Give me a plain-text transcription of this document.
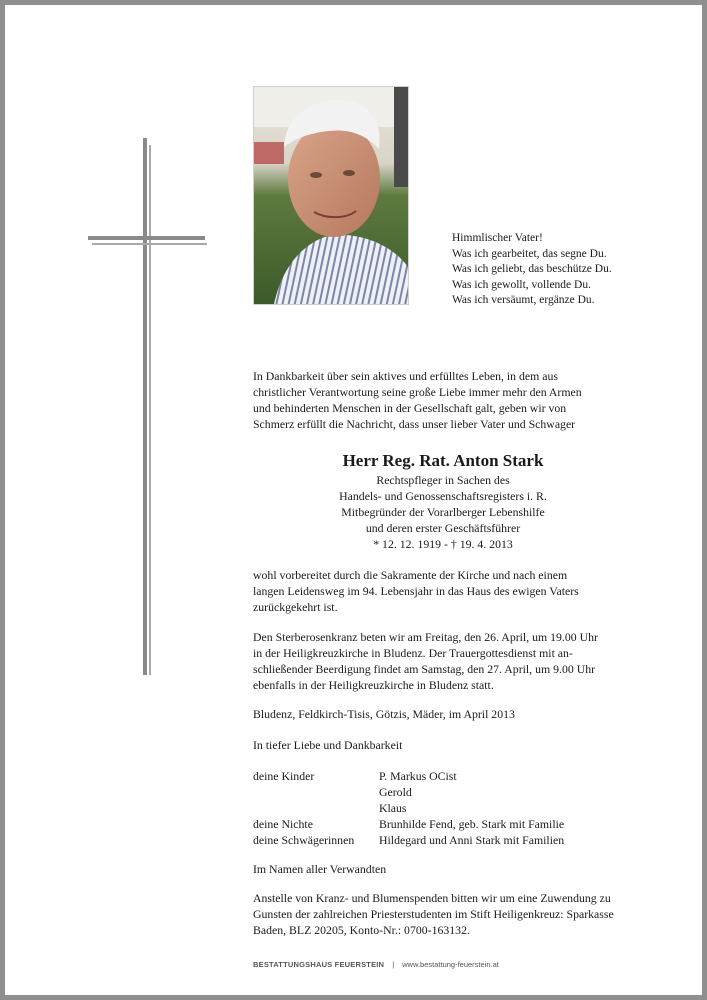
Himmlischer Vater!
Was ich gearbeitet, das segne Du.
Was ich geliebt, das beschütze Du.
Was ich gewollt, vollende Du.
Was ich versäumt, ergänze Du.
In Dankbarkeit über sein aktives und erfülltes Leben, in dem aus
christlicher Verantwortung seine große Liebe immer mehr den Armen
und behinderten Menschen in der Gesellschaft galt, geben wir von
Schmerz erfüllt die Nachricht, dass unser lieber Vater und Schwager
Herr Reg. Rat. Anton Stark
Rechtspfleger in Sachen des
Handels- und Genossenschaftsregisters i. R.
Mitbegründer der Vorarlberger Lebenshilfe
und deren erster Geschäftsführer
* 12. 12. 1919 - † 19. 4. 2013
wohl vorbereitet durch die Sakramente der Kirche und nach einem
langen Leidensweg im 94. Lebensjahr in das Haus des ewigen Vaters
zurückgekehrt ist.
Den Sterberosenkranz beten wir am Freitag, den 26. April, um 19.00 Uhr
in der Heiligkreuzkirche in Bludenz. Der Trauergottesdienst mit an-
schließender Beerdigung findet am Samstag, den 27. April, um 9.00 Uhr
ebenfalls in der Heiligkreuzkirche in Bludenz statt.
Bludenz, Feldkirch-Tisis, Götzis, Mäder, im April 2013
In tiefer Liebe und Dankbarkeit
deine Kinder	P. Markus OCist
Gerold
Klaus
deine Nichte	Brunhilde Fend, geb. Stark mit Familie
deine Schwägerinnen Hildegard und Anni Stark mit Familien
Im Namen aller Verwandten
Anstelle von Kranz- und Blumenspenden bitten wir um eine Zuwendung zu
Gunsten der zahlreichen Priesterstudenten im Stift Heiligenkreuz: Sparkasse
Baden, BLZ 20205, Konto-Nr.: 0700-163132.
BESTATTUNGSHAUS FEUERSTEIN | www.bestattung-feuerstein.at
